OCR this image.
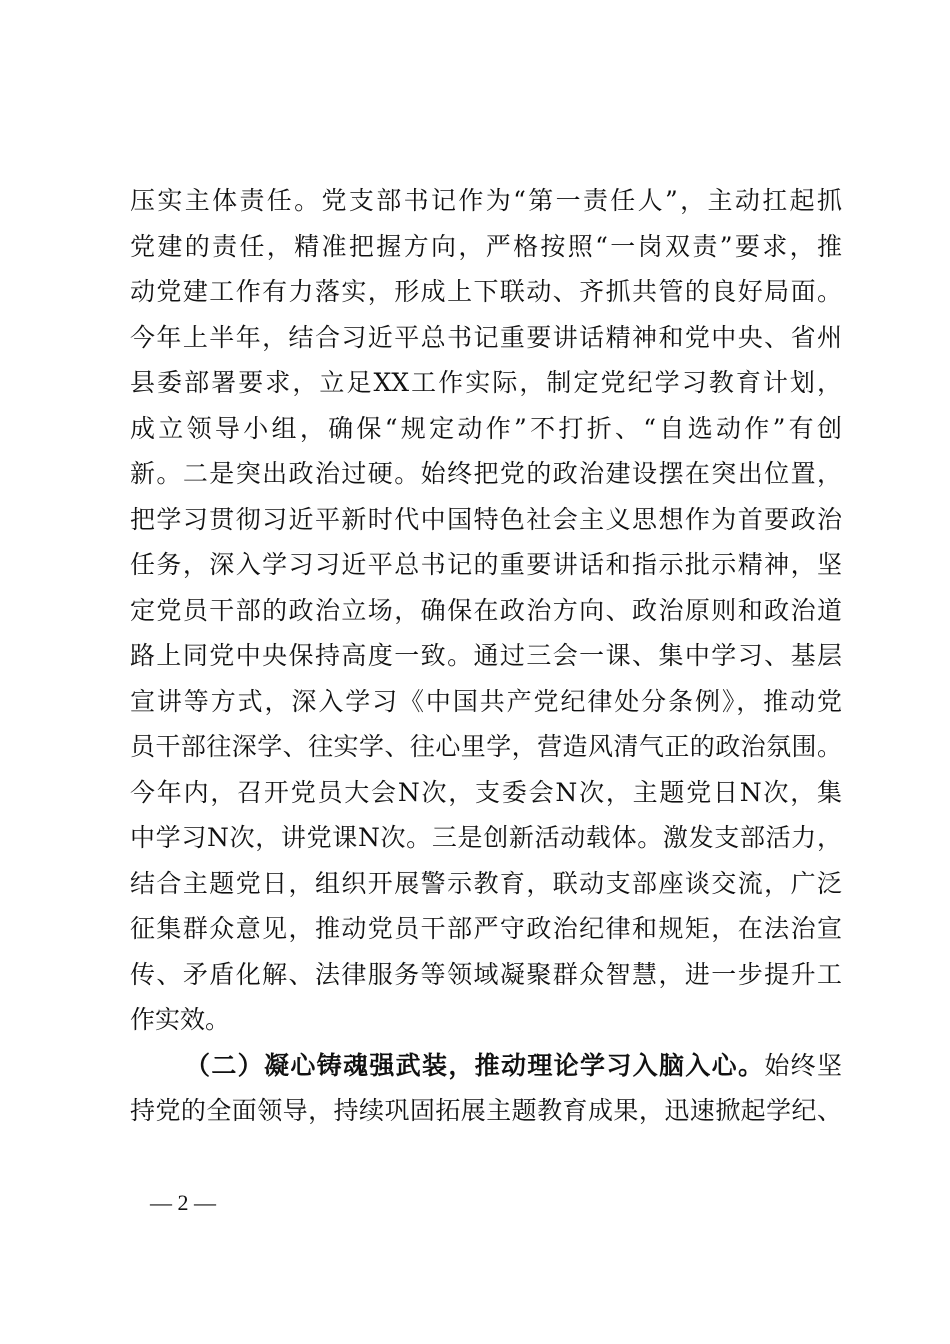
压实主体责任。党支部书记作为“第一责任人”，主动扛起抓
党建的责任，精准把握方向，严格按照“一岗双责”要求，推
动党建工作有力落实，形成上下联动、齐抓共管的良好局面。
今年上半年，结合习近平总书记重要讲话精神和党中央、省州
县委部署要求，立足XX工作实际，制定党纪学习教育计划，
成立领导小组，确保“规定动作”不打折、“自选动作”有创
新。二是突出政治过硬。始终把党的政治建设摆在突出位置，
把学习贯彻习近平新时代中国特色社会主义思想作为首要政治
任务，深入学习习近平总书记的重要讲话和指示批示精神，坚
定党员干部的政治立场，确保在政治方向、政治原则和政治道
路上同党中央保持高度一致。通过三会一课、集中学习、基层
宣讲等方式，深入学习《中国共产党纪律处分条例》，推动党
员干部往深学、往实学、往心里学，营造风清气正的政治氛围。
今年内，召开党员大会N次，支委会N次，主题党日N次，集
中学习N次，讲党课N次。三是创新活动载体。激发支部活力，
结合主题党日，组织开展警示教育，联动支部座谈交流，广泛
征集群众意见，推动党员干部严守政治纪律和规矩，在法治宣
传、矛盾化解、法律服务等领域凝聚群众智慧，进一步提升工
作实效。
（二）凝心铸魂强武装，推动理论学习入脑入心。始终坚
持党的全面领导，持续巩固拓展主题教育成果，迅速掀起学纪、
— 2 —
